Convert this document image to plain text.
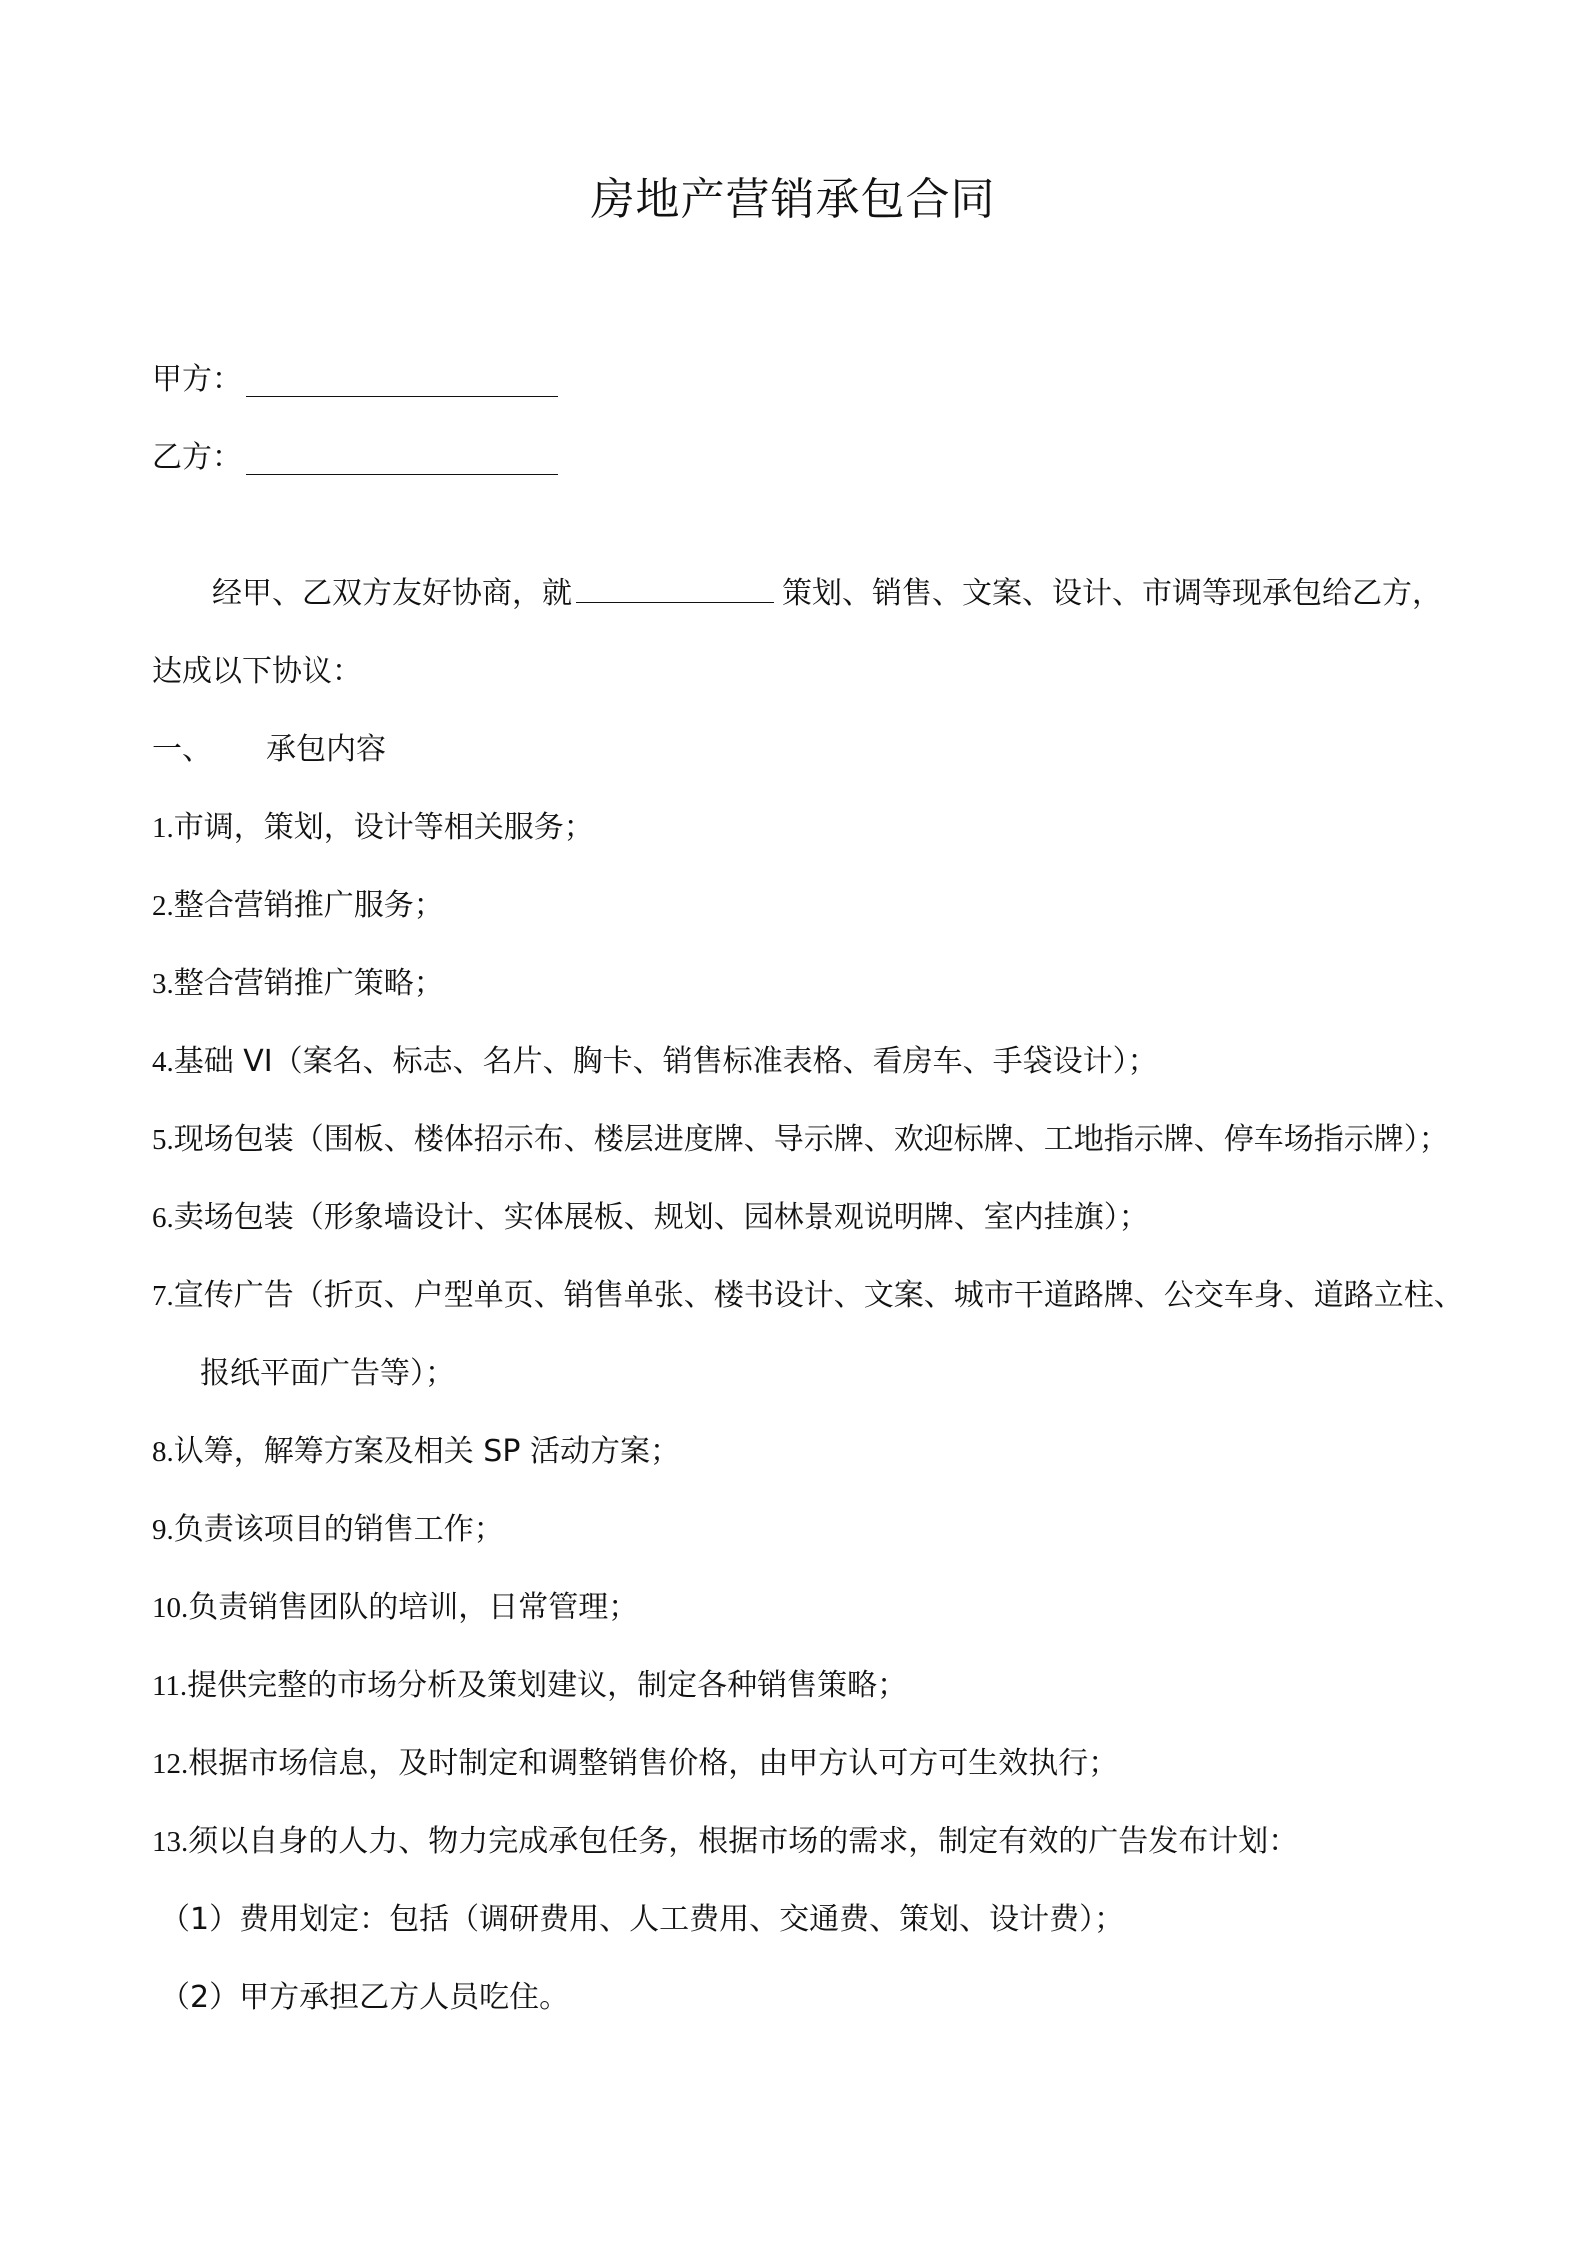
房地产营销承包合同
甲方：
乙方：
经甲、乙双方友好协商，就	策划、销售、文案、设计、市调等现承包给乙方，
达成以下协议：
一、 承包内容
1.市调，策划，设计等相关服务；
2.整合营销推广服务；
3.整合营销推广策略；
4.基础 VI（案名、标志、名片、胸卡、销售标准表格、看房车、手袋设计）；
5.现场包装（围板、楼体招示布、楼层进度牌、导示牌、欢迎标牌、工地指示牌、停车场指示牌）；
6.卖场包装（形象墙设计、实体展板、规划、园林景观说明牌、室内挂旗）；
7.宣传广告（折页、户型单页、销售单张、楼书设计、文案、城市干道路牌、公交车身、道路立柱、
报纸平面广告等）；
8.认筹，解筹方案及相关 SP 活动方案；
9.负责该项目的销售工作；
10.负责销售团队的培训，日常管理；
11.提供完整的市场分析及策划建议，制定各种销售策略；
12.根据市场信息，及时制定和调整销售价格，由甲方认可方可生效执行；
13.须以自身的人力、物力完成承包任务，根据市场的需求，制定有效的广告发布计划：
（1）费用划定：包括（调研费用、人工费用、交通费、策划、设计费）；
（2）甲方承担乙方人员吃住。
